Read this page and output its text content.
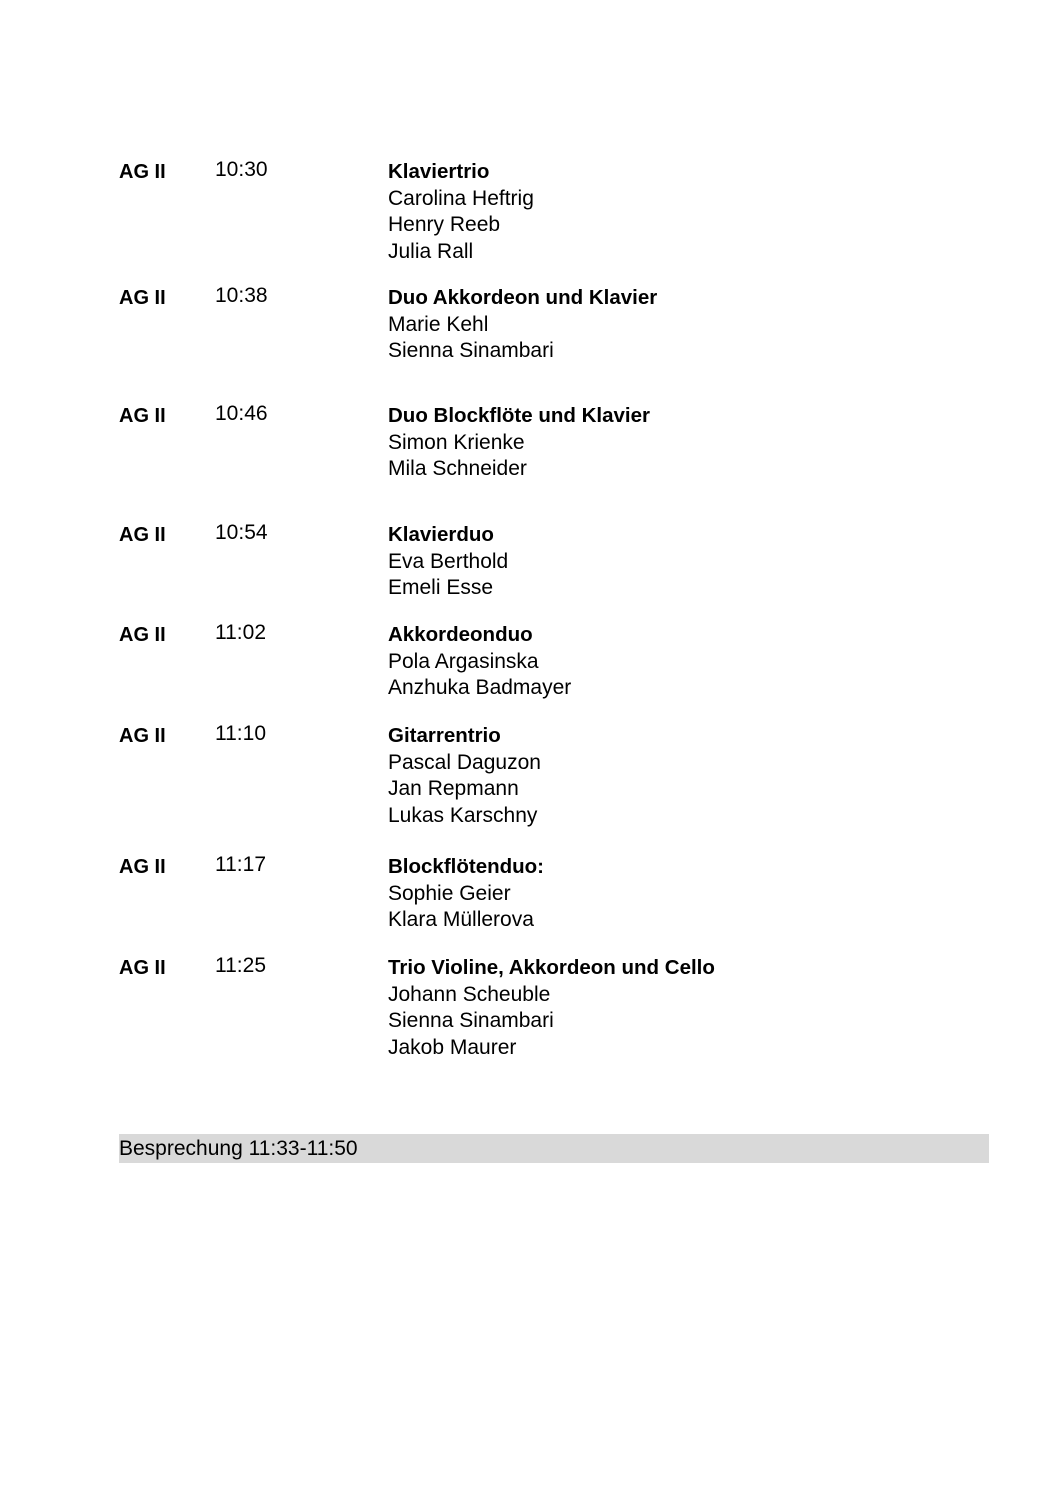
AG II 10:30	Klaviertrio

Carolina Heftrig
Henry Reeb
Julia Rall

AG II 10:38	Duo Akkordeon und Klavier

Marie Kehl
Sienna Sinambari

AG II 10:46	Duo Blockflöte und Klavier

Simon Krienke
Mila Schneider

AG II 10:54	Klavierduo

Eva Berthold
Emeli Esse

AG II 11:02	Akkordeonduo

Pola Argasinska
Anzhuka Badmayer

AG II 11:10	Gitarrentrio

Pascal Daguzon
Jan Repmann
Lukas Karschny

AG II 11:17	Blockflötenduo:

Sophie Geier
Klara Müllerova

AG II 11:25	Trio Violine, Akkordeon und Cello

Johann Scheuble
Sienna Sinambari
Jakob Maurer
Besprechung 11:33-11:50
